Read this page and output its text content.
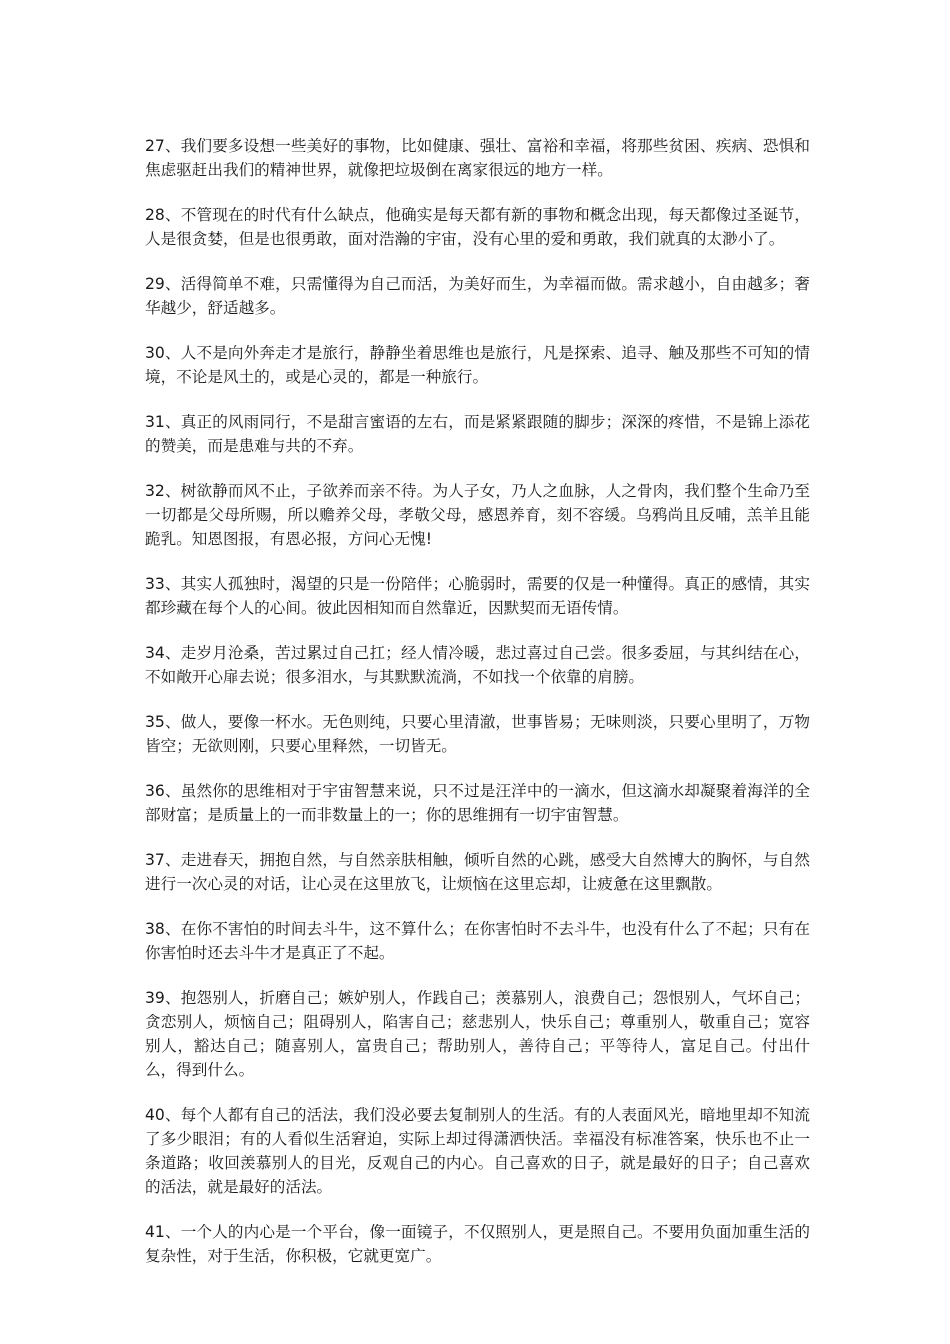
27、我们要多设想一些美好的事物，比如健康、强壮、富裕和幸福，将那些贫困、疾病、恐惧和焦虑驱赶出我们的精神世界，就像把垃圾倒在离家很远的地方一样。

28、不管现在的时代有什么缺点，他确实是每天都有新的事物和概念出现，每天都像过圣诞节，人是很贪婪，但是也很勇敢，面对浩瀚的宇宙，没有心里的爱和勇敢，我们就真的太渺小了。

29、活得简单不难，只需懂得为自己而活，为美好而生，为幸福而做。需求越小，自由越多；奢华越少，舒适越多。

30、人不是向外奔走才是旅行，静静坐着思维也是旅行，凡是探索、追寻、触及那些不可知的情境，不论是风土的，或是心灵的，都是一种旅行。

31、真正的风雨同行，不是甜言蜜语的左右，而是紧紧跟随的脚步；深深的疼惜，不是锦上添花的赞美，而是患难与共的不弃。

32、树欲静而风不止，子欲养而亲不待。为人子女，乃人之血脉，人之骨肉，我们整个生命乃至一切都是父母所赐，所以赡养父母，孝敬父母，感恩养育，刻不容缓。乌鸦尚且反哺，羔羊且能跪乳。知恩图报，有恩必报，方问心无愧!

33、其实人孤独时，渴望的只是一份陪伴；心脆弱时，需要的仅是一种懂得。真正的感情，其实都珍藏在每个人的心间。彼此因相知而自然靠近，因默契而无语传情。

34、走岁月沧桑，苦过累过自己扛；经人情冷暖，悲过喜过自己尝。很多委屈，与其纠结在心，不如敞开心扉去说；很多泪水，与其默默流淌，不如找一个依靠的肩膀。

35、做人，要像一杯水。无色则纯，只要心里清澈，世事皆易；无味则淡，只要心里明了，万物皆空；无欲则刚，只要心里释然，一切皆无。

36、虽然你的思维相对于宇宙智慧来说，只不过是汪洋中的一滴水，但这滴水却凝聚着海洋的全部财富；是质量上的一而非数量上的一；你的思维拥有一切宇宙智慧。

37、走进春天，拥抱自然，与自然亲肤相触，倾听自然的心跳，感受大自然博大的胸怀，与自然进行一次心灵的对话，让心灵在这里放飞，让烦恼在这里忘却，让疲惫在这里飘散。

38、在你不害怕的时间去斗牛，这不算什么；在你害怕时不去斗牛，也没有什么了不起；只有在你害怕时还去斗牛才是真正了不起。

39、抱怨别人，折磨自己；嫉妒别人，作践自己；羡慕别人，浪费自己；怨恨别人，气坏自己；贪恋别人，烦恼自己；阻碍别人，陷害自己；慈悲别人，快乐自己；尊重别人，敬重自己；宽容别人，豁达自己；随喜别人，富贵自己；帮助别人，善待自己；平等待人，富足自己。付出什么，得到什么。

40、每个人都有自己的活法，我们没必要去复制别人的生活。有的人表面风光，暗地里却不知流了多少眼泪；有的人看似生活窘迫，实际上却过得潇洒快活。幸福没有标准答案，快乐也不止一条道路；收回羡慕别人的目光，反观自己的内心。自己喜欢的日子，就是最好的日子；自己喜欢的活法，就是最好的活法。

41、一个人的内心是一个平台，像一面镜子，不仅照别人，更是照自己。不要用负面加重生活的复杂性，对于生活，你积极，它就更宽广。
